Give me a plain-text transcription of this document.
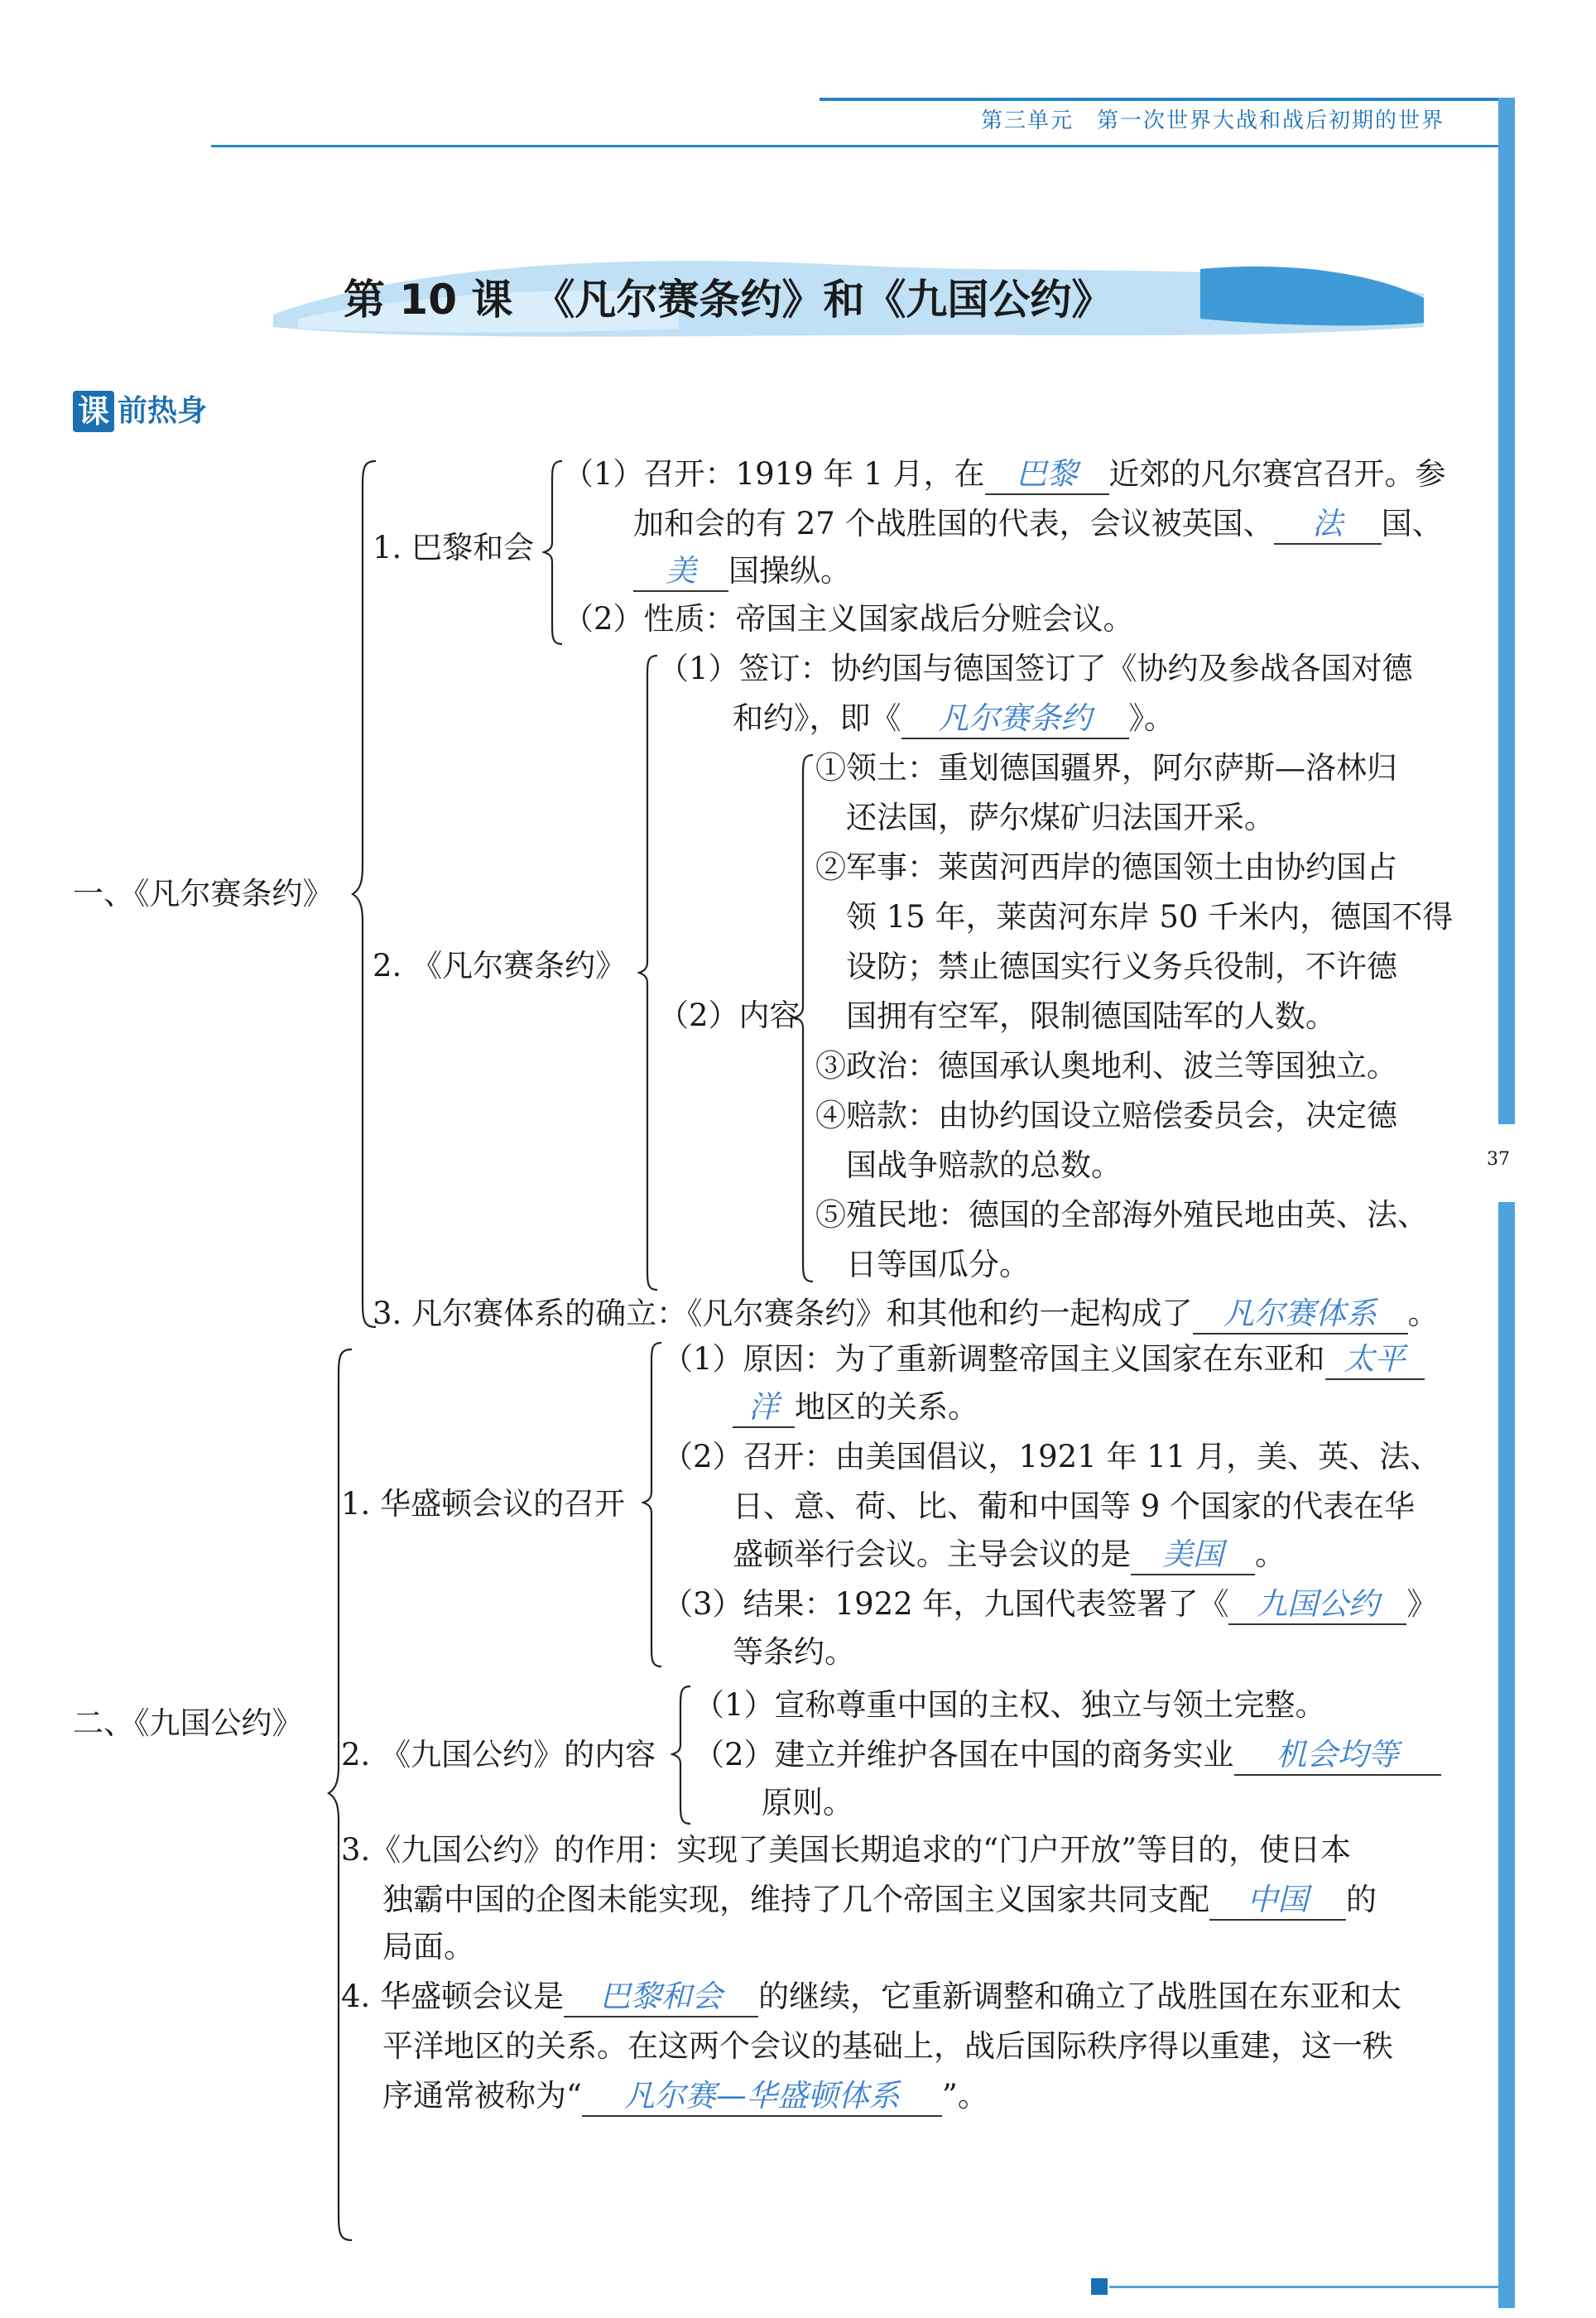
第三单元　第一次世界大战和战后初期的世界
37
第 10 课　《凡尔赛条约》和《九国公约》
课 前热身
一、《凡尔赛条约》
1. 巴黎和会
（1）召开：1919 年 1 月，在 巴黎 近郊的凡尔赛宫召开。参
加和会的有 27 个战胜国的代表，会议被英国、 法 国、
美 国操纵。
（2）性质：帝国主义国家战后分赃会议。
2. 《凡尔赛条约》
（1）签订：协约国与德国签订了《协约及参战各国对德
和约》，即《 凡尔赛条约 》。
（2）内容
①领土：重划德国疆界，阿尔萨斯—洛林归
还法国，萨尔煤矿归法国开采。
②军事：莱茵河西岸的德国领土由协约国占
领 15 年，莱茵河东岸 50 千米内，德国不得
设防；禁止德国实行义务兵役制，不许德
国拥有空军，限制德国陆军的人数。
③政治：德国承认奥地利、波兰等国独立。
④赔款：由协约国设立赔偿委员会，决定德
国战争赔款的总数。
⑤殖民地：德国的全部海外殖民地由英、法、
日等国瓜分。
3. 凡尔赛体系的确立：《凡尔赛条约》和其他和约一起构成了 凡尔赛体系 。
二、《九国公约》
1. 华盛顿会议的召开
（1）原因：为了重新调整帝国主义国家在东亚和 太平
洋 地区的关系。
（2）召开：由美国倡议，1921 年 11 月，美、英、法、
日、意、荷、比、葡和中国等 9 个国家的代表在华
盛顿举行会议。主导会议的是 美国 。
（3）结果：1922 年，九国代表签署了《 九国公约 》
等条约。
2. 《九国公约》的内容
（1）宣称尊重中国的主权、独立与领土完整。
（2）建立并维护各国在中国的商务实业 机会均等
原则。
3.《九国公约》的作用：实现了美国长期追求的“门户开放”等目的，使日本
独霸中国的企图未能实现，维持了几个帝国主义国家共同支配 中国 的
局面。
4. 华盛顿会议是 巴黎和会 的继续，它重新调整和确立了战胜国在东亚和太
平洋地区的关系。在这两个会议的基础上，战后国际秩序得以重建，这一秩
序通常被称为“ 凡尔赛—华盛顿体系 ”。
